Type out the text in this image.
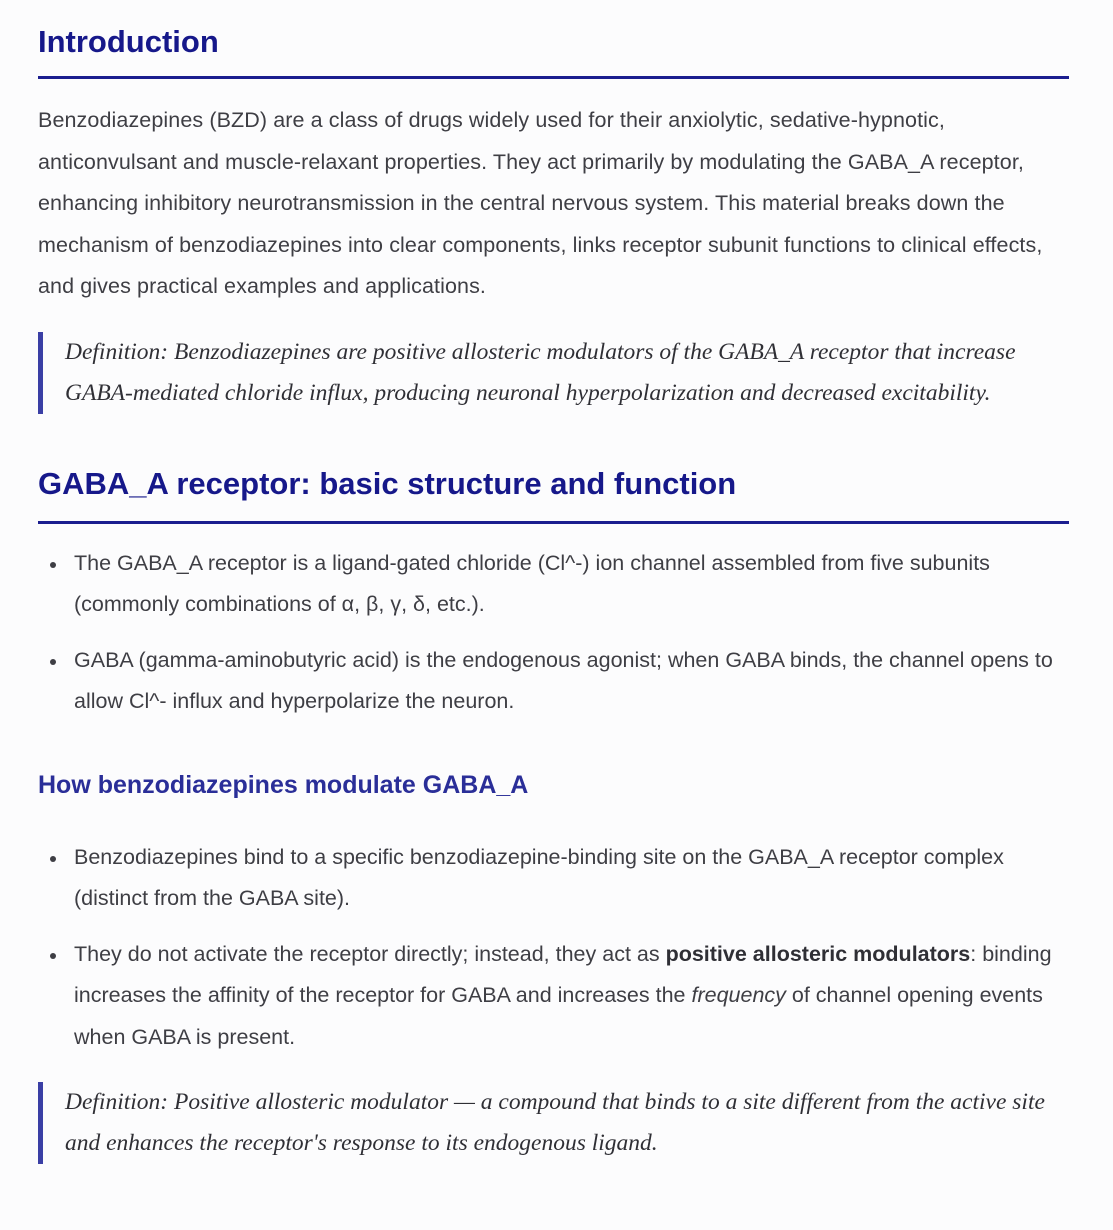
Introduction

Benzodiazepines (BZD) are a class of drugs widely used for their anxiolytic, sedative-hypnotic, anticonvulsant and muscle-relaxant properties. They act primarily by modulating the GABA_A receptor, enhancing inhibitory neurotransmission in the central nervous system. This material breaks down the mechanism of benzodiazepines into clear components, links receptor subunit functions to clinical effects, and gives practical examples and applications.

Definition: Benzodiazepines are positive allosteric modulators of the GABA_A receptor that increase GABA-mediated chloride influx, producing neuronal hyperpolarization and decreased excitability.
GABA_A receptor: basic structure and function
The GABA_A receptor is a ligand-gated chloride (Cl^-) ion channel assembled from five subunits (commonly combinations of α, β, γ, δ, etc.).
GABA (gamma-aminobutyric acid) is the endogenous agonist; when GABA binds, the channel opens to allow Cl^- influx and hyperpolarize the neuron.
How benzodiazepines modulate GABA_A
Benzodiazepines bind to a specific benzodiazepine-binding site on the GABA_A receptor complex (distinct from the GABA site).
They do not activate the receptor directly; instead, they act as positive allosteric modulators: binding increases the affinity of the receptor for GABA and increases the frequency of channel opening events when GABA is present.
Definition: Positive allosteric modulator — a compound that binds to a site different from the active site and enhances the receptor's response to its endogenous ligand.
